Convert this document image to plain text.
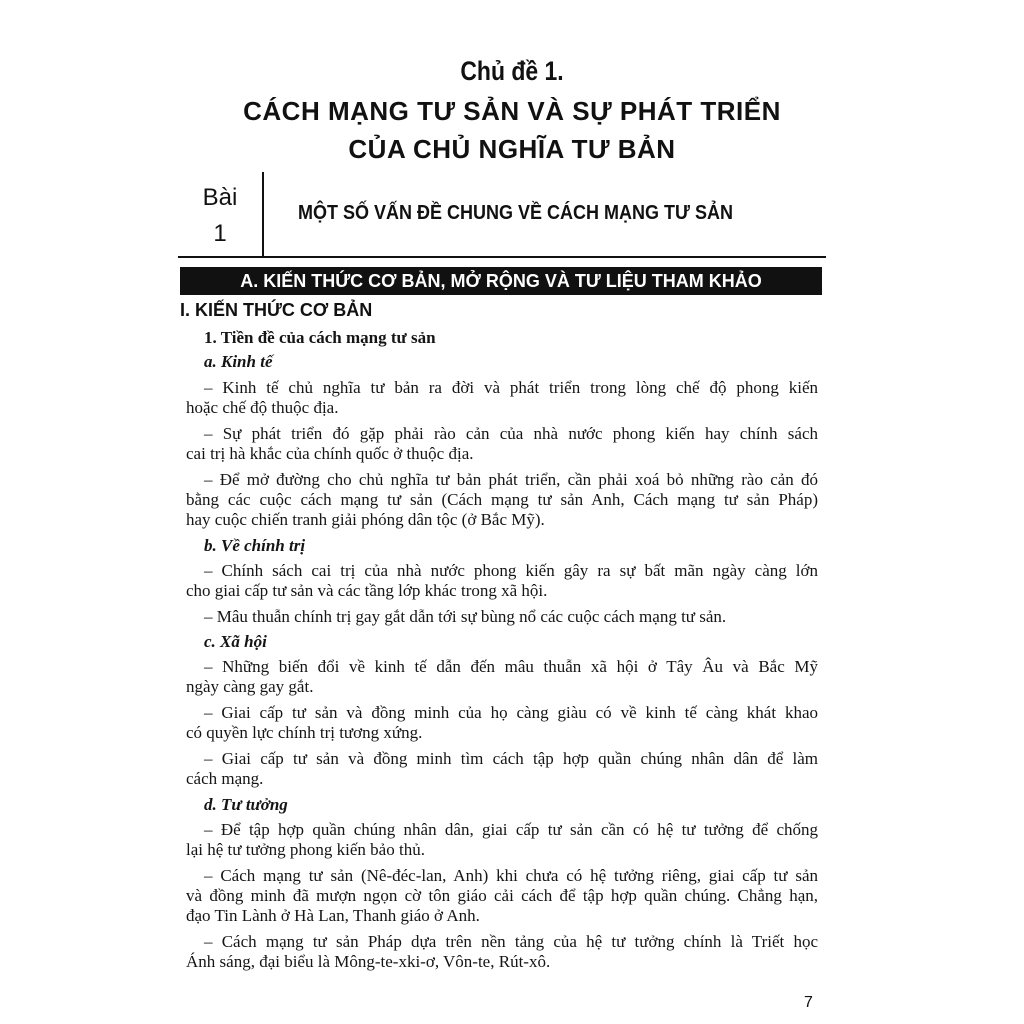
Chủ đề 1.
CÁCH MẠNG TƯ SẢN VÀ SỰ PHÁT TRIỂN
CỦA CHỦ NGHĨA TƯ BẢN
Bài
1
MỘT SỐ VẤN ĐỀ CHUNG VỀ CÁCH MẠNG TƯ SẢN
A. KIẾN THỨC CƠ BẢN, MỞ RỘNG VÀ TƯ LIỆU THAM KHẢO
I. KIẾN THỨC CƠ BẢN
1. Tiền đề của cách mạng tư sản
a. Kinh tế
– Kinh tế chủ nghĩa tư bản ra đời và phát triển trong lòng chế độ phong kiến
hoặc chế độ thuộc địa.
– Sự phát triển đó gặp phải rào cản của nhà nước phong kiến hay chính sách
cai trị hà khắc của chính quốc ở thuộc địa.
– Để mở đường cho chủ nghĩa tư bản phát triển, cần phải xoá bỏ những rào cản đó
bằng các cuộc cách mạng tư sản (Cách mạng tư sản Anh, Cách mạng tư sản Pháp)
hay cuộc chiến tranh giải phóng dân tộc (ở Bắc Mỹ).
b. Về chính trị
– Chính sách cai trị của nhà nước phong kiến gây ra sự bất mãn ngày càng lớn
cho giai cấp tư sản và các tầng lớp khác trong xã hội.
– Mâu thuẫn chính trị gay gắt dẫn tới sự bùng nổ các cuộc cách mạng tư sản.
c. Xã hội
– Những biến đổi về kinh tế dẫn đến mâu thuẫn xã hội ở Tây Âu và Bắc Mỹ
ngày càng gay gắt.
– Giai cấp tư sản và đồng minh của họ càng giàu có về kinh tế càng khát khao
có quyền lực chính trị tương xứng.
– Giai cấp tư sản và đồng minh tìm cách tập hợp quần chúng nhân dân để làm
cách mạng.
d. Tư tưởng
– Để tập hợp quần chúng nhân dân, giai cấp tư sản cần có hệ tư tưởng để chống
lại hệ tư tưởng phong kiến bảo thủ.
– Cách mạng tư sản (Nê-đéc-lan, Anh) khi chưa có hệ tưởng riêng, giai cấp tư sản
và đồng minh đã mượn ngọn cờ tôn giáo cải cách để tập hợp quần chúng. Chẳng hạn,
đạo Tin Lành ở Hà Lan, Thanh giáo ở Anh.
– Cách mạng tư sản Pháp dựa trên nền tảng của hệ tư tưởng chính là Triết học
Ánh sáng, đại biểu là Mông-te-xki-ơ, Vôn-te, Rút-xô.
7
